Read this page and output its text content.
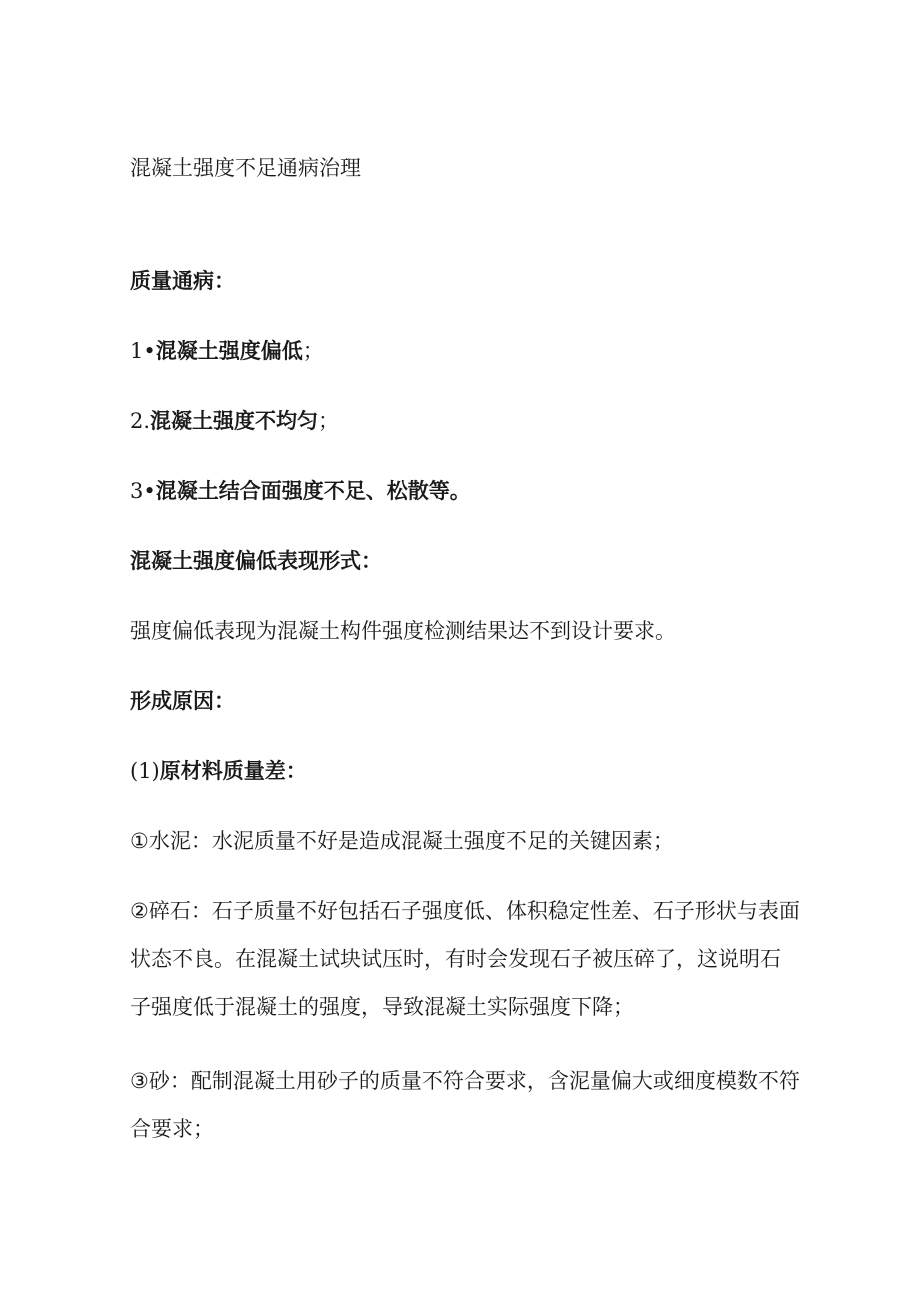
混凝土强度不足通病治理

质量通病：

1•混凝土强度偏低；

2.混凝土强度不均匀；

3•混凝土结合面强度不足、松散等。

混凝土强度偏低表现形式：

强度偏低表现为混凝土构件强度检测结果达不到设计要求。

形成原因：

(1)原材料质量差：

①水泥：水泥质量不好是造成混凝土强度不足的关键因素；

②碎石：石子质量不好包括石子强度低、体积稳定性差、石子形状与表面状态不良。在混凝土试块试压时，有时会发现石子被压碎了，这说明石子强度低于混凝土的强度，导致混凝土实际强度下降；

③砂：配制混凝土用砂子的质量不符合要求，含泥量偏大或细度模数不符合要求；
